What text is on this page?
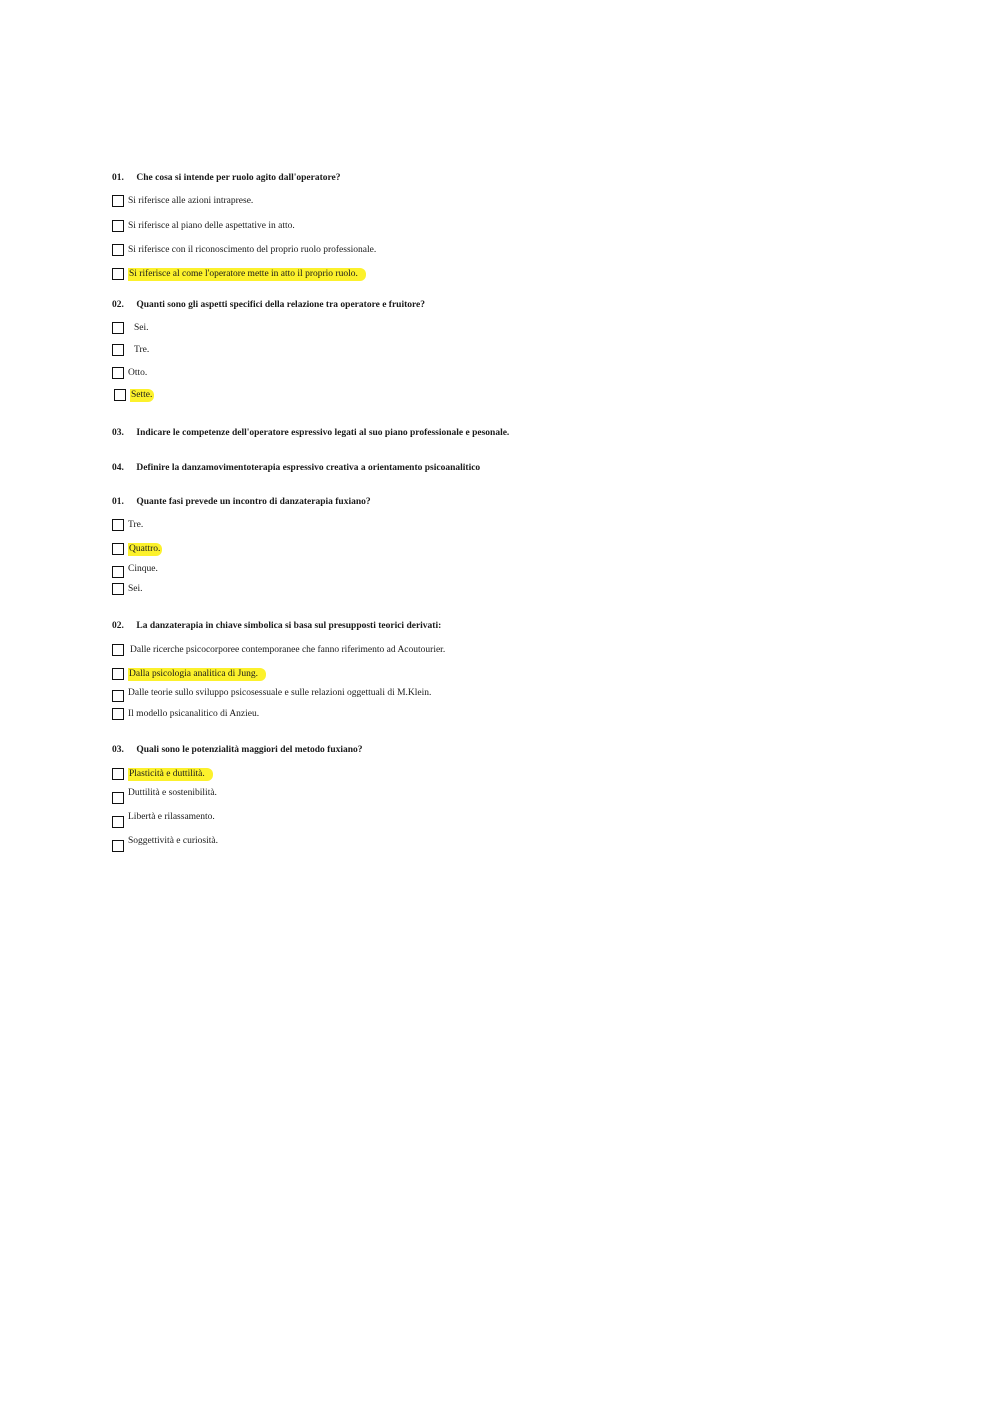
01. Che cosa si intende per ruolo agito dall'operatore?
Si riferisce alle azioni intraprese.
Si riferisce al piano delle aspettative in atto.
Si riferisce con il riconoscimento del proprio ruolo professionale.
Si riferisce al come l'operatore mette in atto il proprio ruolo.
02. Quanti sono gli aspetti specifici della relazione tra operatore e fruitore?
Sei.
Tre.
Otto.
Sette.
03. Indicare le competenze dell'operatore espressivo legati al suo piano professionale e pesonale.
04. Definire la danzamovimentoterapia espressivo creativa a orientamento psicoanalitico
01. Quante fasi prevede un incontro di danzaterapia fuxiano?
Tre.
Quattro.
Cinque.
Sei.
02. La danzaterapia in chiave simbolica si basa sul presupposti teorici derivati:
Dalle ricerche psicocorporee contemporanee che fanno riferimento ad Acoutourier.
Dalla psicologia analitica di Jung.
Dalle teorie sullo sviluppo psicosessuale e sulle relazioni oggettuali di M.Klein.
Il modello psicanalitico di Anzieu.
03. Quali sono le potenzialità maggiori del metodo fuxiano?
Plasticità e duttilità.
Duttilità e sostenibilità.
Libertà e rilassamento.
Soggettività e curiosità.
